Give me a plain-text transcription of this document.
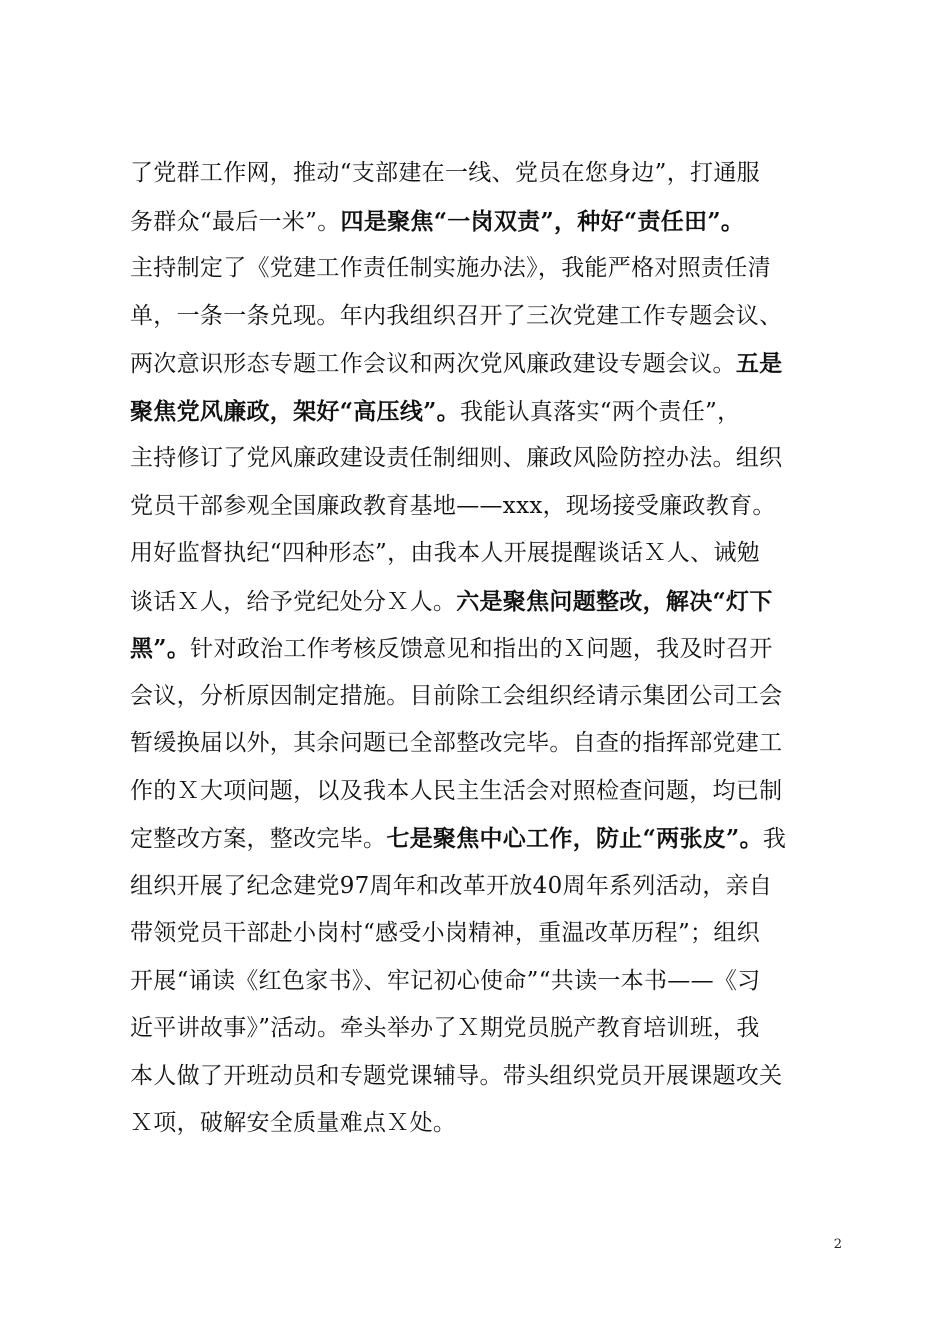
了党群工作网，推动“支部建在一线、党员在您身边”，打通服
务群众“最后一米”。四是聚焦“一岗双责”，种好“责任田”。
主持制定了《党建工作责任制实施办法》，我能严格对照责任清
单，一条一条兑现。年内我组织召开了三次党建工作专题会议、
两次意识形态专题工作会议和两次党风廉政建设专题会议。五是
聚焦党风廉政，架好“高压线”。我能认真落实“两个责任”，
主持修订了党风廉政建设责任制细则、廉政风险防控办法。组织
党员干部参观全国廉政教育基地——xxx，现场接受廉政教育。
用好监督执纪“四种形态”，由我本人开展提醒谈话Ｘ人、诫勉
谈话Ｘ人，给予党纪处分Ｘ人。六是聚焦问题整改，解决“灯下
黑”。针对政治工作考核反馈意见和指出的Ｘ问题，我及时召开
会议，分析原因制定措施。目前除工会组织经请示集团公司工会
暂缓换届以外，其余问题已全部整改完毕。自查的指挥部党建工
作的Ｘ大项问题，以及我本人民主生活会对照检查问题，均已制
定整改方案，整改完毕。七是聚焦中心工作，防止“两张皮”。我
组织开展了纪念建党97周年和改革开放40周年系列活动，亲自
带领党员干部赴小岗村“感受小岗精神，重温改革历程”；组织
开展“诵读《红色家书》、牢记初心使命”“共读一本书——《习
近平讲故事》”活动。牵头举办了Ｘ期党员脱产教育培训班，我
本人做了开班动员和专题党课辅导。带头组织党员开展课题攻关
Ｘ项，破解安全质量难点Ｘ处。
2
